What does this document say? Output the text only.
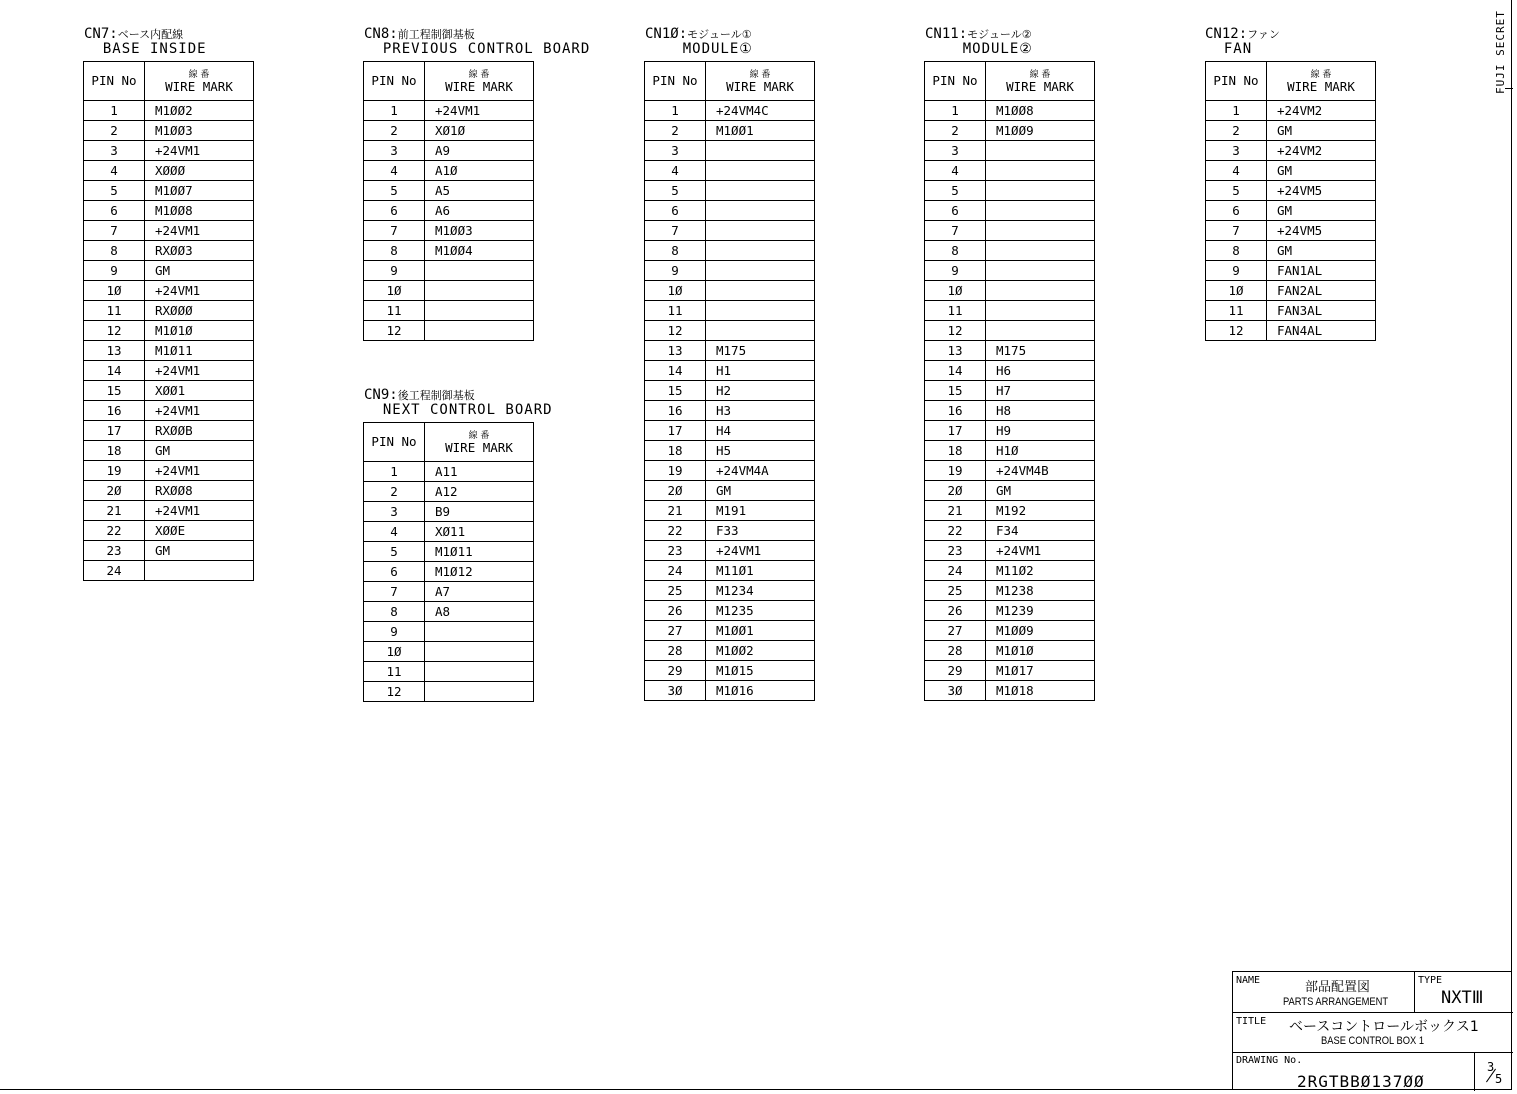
FUJI SECRET
CN7:ベース内配線
BASE INSIDE
PIN No	線 番
WIRE MARK

1	M1ØØ2
2	M1ØØ3
3	+24VM1
4	XØØØ
5	M1ØØ7
6	M1ØØ8
7	+24VM1
8	RXØØ3
9	GM
1Ø	+24VM1
11	RXØØØ
12	M1Ø1Ø
13	M1Ø11
14	+24VM1
15	XØØ1
16	+24VM1
17	RXØØB
18	GM
19	+24VM1
2Ø	RXØØ8
21	+24VM1
22	XØØE
23	GM
24	
CN8:前工程制御基板
PREVIOUS CONTROL BOARD
PIN No	線 番
WIRE MARK

1	+24VM1
2	XØ1Ø
3	A9
4	A1Ø
5	A5
6	A6
7	M1ØØ3
8	M1ØØ4
9	
1Ø	
11	
12	
CN9:後工程制御基板
NEXT CONTROL BOARD
PIN No	線 番
WIRE MARK

1	A11
2	A12
3	B9
4	XØ11
5	M1Ø11
6	M1Ø12
7	A7
8	A8
9	
1Ø	
11	
12	
CN1Ø:モジュール①
MODULE①
PIN No	線 番
WIRE MARK

1	+24VM4C
2	M1ØØ1
3	
4	
5	
6	
7	
8	
9	
1Ø	
11	
12	
13	M175
14	H1
15	H2
16	H3
17	H4
18	H5
19	+24VM4A
2Ø	GM
21	M191
22	F33
23	+24VM1
24	M11Ø1
25	M1234
26	M1235
27	M1ØØ1
28	M1ØØ2
29	M1Ø15
3Ø	M1Ø16
CN11:モジュール②
MODULE②
PIN No	線 番
WIRE MARK

1	M1ØØ8
2	M1ØØ9
3	
4	
5	
6	
7	
8	
9	
1Ø	
11	
12	
13	M175
14	H6
15	H7
16	H8
17	H9
18	H1Ø
19	+24VM4B
2Ø	GM
21	M192
22	F34
23	+24VM1
24	M11Ø2
25	M1238
26	M1239
27	M1ØØ9
28	M1Ø1Ø
29	M1Ø17
3Ø	M1Ø18
CN12:ファン
FAN
PIN No	線 番
WIRE MARK

1	+24VM2
2	GM
3	+24VM2
4	GM
5	+24VM5
6	GM
7	+24VM5
8	GM
9	FAN1AL
1Ø	FAN2AL
11	FAN3AL
12	FAN4AL
NAME	部品配置図
PARTS ARRANGEMENT
TYPE
NXTⅢ
TITLE ベースコントロールボックス1
BASE CONTROL BOX 1
DRAWING No.
2RGTBBØ137ØØ
3
5
